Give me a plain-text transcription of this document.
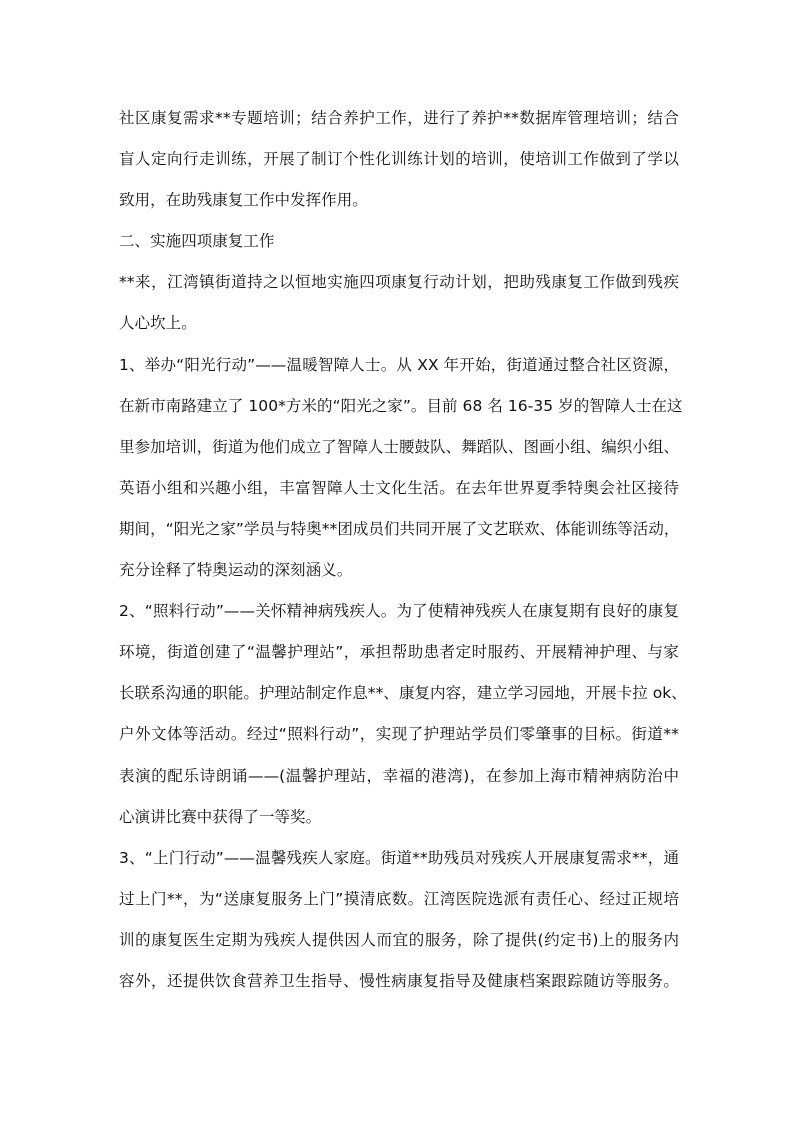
社区康复需求**专题培训；结合养护工作，进行了养护**数据库管理培训；结合
盲人定向行走训练，开展了制订个性化训练计划的培训，使培训工作做到了学以
致用，在助残康复工作中发挥作用。
二、实施四项康复工作
**来，江湾镇街道持之以恒地实施四项康复行动计划，把助残康复工作做到残疾
人心坎上。
1、举办“阳光行动”——温暖智障人士。从 XX 年开始，街道通过整合社区资源，
在新市南路建立了 100*方米的“阳光之家”。目前 68 名 16-35 岁的智障人士在这
里参加培训，街道为他们成立了智障人士腰鼓队、舞蹈队、图画小组、编织小组、
英语小组和兴趣小组，丰富智障人士文化生活。在去年世界夏季特奥会社区接待
期间，“阳光之家”学员与特奥**团成员们共同开展了文艺联欢、体能训练等活动，
充分诠释了特奥运动的深刻涵义。
2、“照料行动”——关怀精神病残疾人。为了使精神残疾人在康复期有良好的康复
环境，街道创建了“温馨护理站”，承担帮助患者定时服药、开展精神护理、与家
长联系沟通的职能。护理站制定作息**、康复内容，建立学习园地，开展卡拉 ok、
户外文体等活动。经过“照料行动”，实现了护理站学员们零肇事的目标。街道**
表演的配乐诗朗诵——(温馨护理站，幸福的港湾)，在参加上海市精神病防治中
心演讲比赛中获得了一等奖。
3、“上门行动”——温馨残疾人家庭。街道**助残员对残疾人开展康复需求**，通
过上门**，为“送康复服务上门”摸清底数。江湾医院选派有责任心、经过正规培
训的康复医生定期为残疾人提供因人而宜的服务，除了提供(约定书)上的服务内
容外，还提供饮食营养卫生指导、慢性病康复指导及健康档案跟踪随访等服务。
